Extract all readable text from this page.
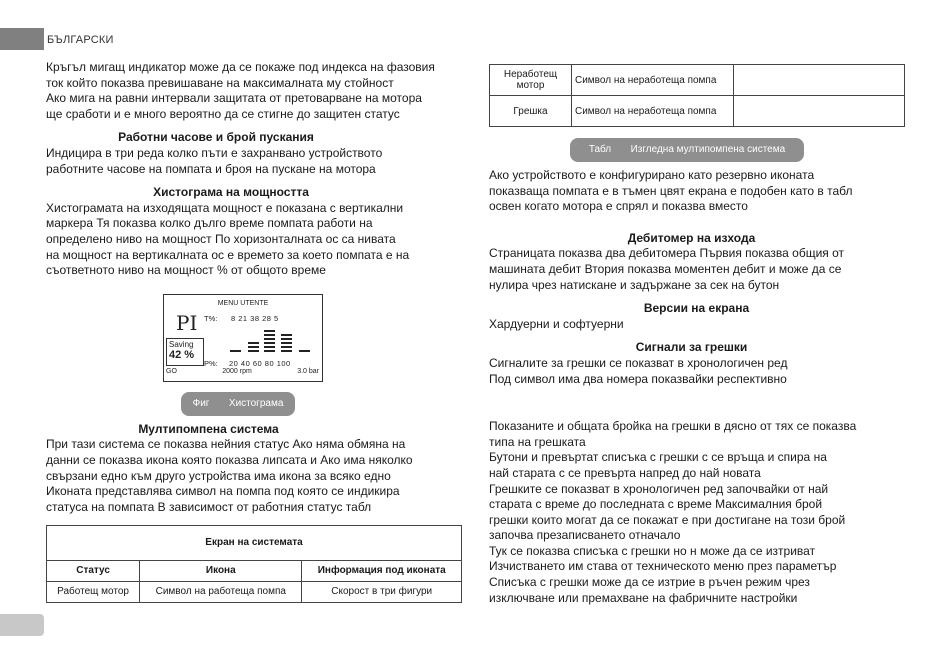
БЪЛГАРСКИ

Кръгъл мигащ индикатор може да се покаже под индекса на фазовия
ток който показва превишаване на максималната му стойност
Ако мига на равни интервали защитата от претоварване на мотора
ще сработи и е много вероятно да се стигне до защитен статус

Работни часове и брой пускания

Индицира в три реда колко пъти е захранвано устройството
работните часове на помпата и броя на пускане на мотора

Хистограма на мощността

Хистограмата на изходящата мощност е показана с вертикални
маркера Тя показва колко дълго време помпата работи на
определено ниво на мощност По хоризонталната ос са нивата
на мощност на вертикалната ос е времето за което помпата е на
съответното ниво на мощност % от общото време

MENU UTENTE
T%: 8 21 38 28 5
PI
Saving
42 %
P%: 20 40 60 80 100
GO	2000 rpm	3.0 bar
Фиг       Хистограма

Мултипомпена система

При тази система се показва нейния статус Ако няма обмяна на
данни се показва икона която показва липсата и Ако има няколко
свързани едно към друго устройства има икона за всяко едно
Иконата представлява символ на помпа под която се индикира
статуса на помпата В зависимост от работния статус табл

Екран на системата		
Статус	Икона	Информация под иконата
Работещ мотор	Символ на работеща помпа	Скорост в три фигури
Неработещ
мотор	Символ на неработеща помпа	
Грешка	Символ на неработеща помпа	
Табл       Изгледна мултипомпена система

Ако устройството е конфигурирано като резервно иконата
показваща помпата е в тъмен цвят екрана е подобен като в табл
освен когато мотора е спрял и показва вместо

Дебитомер на изхода

Страницата показва два дебитомера Първия показва общия от
машината дебит Втория показва моментен дебит и може да се
нулира чрез натискане и задържане за сек на бутон

Версии на екрана

Хардуерни и софтуерни

Сигнали за грешки

Сигналите за грешки се показват в хронологичен ред
Под символ има два номера показвайки респективно

Показаните и общата бройка на грешки в дясно от тях се показва
типа на грешката
Бутони и превъртат списъка с грешки с се връща и спира на
най старата с се превърта напред до най новата
Грешките се показват в хронологичен ред започвайки от най
старата с време до последната с време Максималния брой
грешки които могат да се покажат е при достигане на този брой
започва презаписването отначало
Тук се показва списъка с грешки но н може да се изтриват
Изчистването им става от техническото меню през параметър
Списъка с грешки може да се изтрие в ръчен режим чрез
изключване или премахване на фабричните настройки
